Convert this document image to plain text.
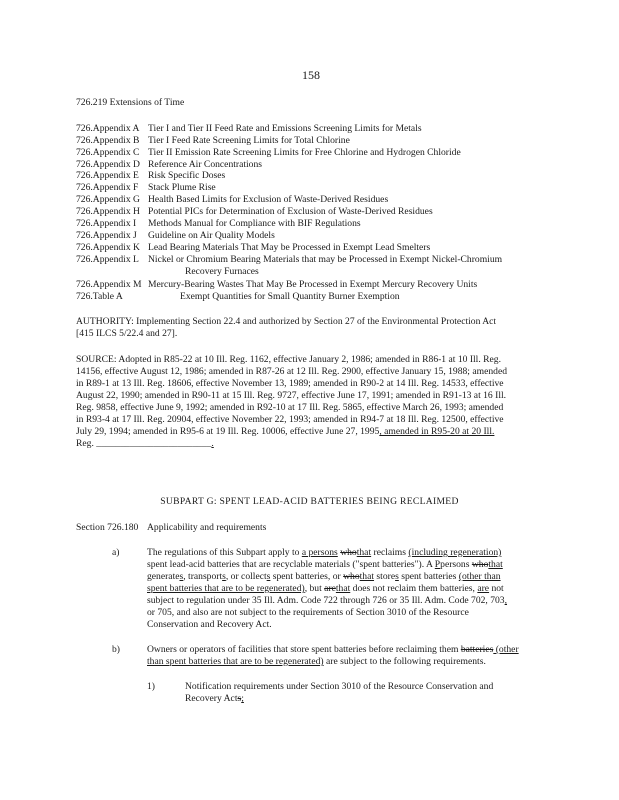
158
726.219 Extensions of Time
726.Appendix A Tier I and Tier II Feed Rate and Emissions Screening Limits for Metals
726.Appendix B Tier I Feed Rate Screening Limits for Total Chlorine
726.Appendix C Tier II Emission Rate Screening Limits for Free Chlorine and Hydrogen Chloride
726.Appendix D Reference Air Concentrations
726.Appendix E Risk Specific Doses
726.Appendix F Stack Plume Rise
726.Appendix G Health Based Limits for Exclusion of Waste-Derived Residues
726.Appendix H Potential PICs for Determination of Exclusion of Waste-Derived Residues
726.Appendix I Methods Manual for Compliance with BIF Regulations
726.Appendix J Guideline on Air Quality Models
726.Appendix K Lead Bearing Materials That May be Processed in Exempt Lead Smelters
726.Appendix L Nickel or Chromium Bearing Materials that may be Processed in Exempt Nickel-Chromium
Recovery Furnaces
726.Appendix M Mercury-Bearing Wastes That May Be Processed in Exempt Mercury Recovery Units
726.Table A	Exempt Quantities for Small Quantity Burner Exemption
AUTHORITY: Implementing Section 22.4 and authorized by Section 27 of the Environmental Protection Act
[415 ILCS 5/22.4 and 27].
SOURCE: Adopted in R85-22 at 10 Ill. Reg. 1162, effective January 2, 1986; amended in R86-1 at 10 Ill. Reg.
14156, effective August 12, 1986; amended in R87-26 at 12 Ill. Reg. 2900, effective January 15, 1988; amended
in R89-1 at 13 Ill. Reg. 18606, effective November 13, 1989; amended in R90-2 at 14 Ill. Reg. 14533, effective
August 22, 1990; amended in R90-11 at 15 Ill. Reg. 9727, effective June 17, 1991; amended in R91-13 at 16 Ill.
Reg. 9858, effective June 9, 1992; amended in R92-10 at 17 Ill. Reg. 5865, effective March 26, 1993; amended
in R93-4 at 17 Ill. Reg. 20904, effective November 22, 1993; amended in R94-7 at 18 Ill. Reg. 12500, effective
July 29, 1994; amended in R95-6 at 19 Ill. Reg. 10006, effective June 27, 1995, amended in R95-20 at 20 Ill.
Reg. ________________________.
SUBPART G: SPENT LEAD-ACID BATTERIES BEING RECLAIMED
Section 726.180 Applicability and requirements
a)	The regulations of this Subpart apply to a persons whothat reclaims (including regeneration)
spent lead-acid batteries that are recyclable materials ("spent batteries"). A Ppersons whothat
generates, transports, or collects spent batteries, or whothat stores spent batteries (other than
spent batteries that are to be regenerated), but arethat does not reclaim them batteries, are not
subject to regulation under 35 Ill. Adm. Code 722 through 726 or 35 Ill. Adm. Code 702, 703,
or 705, and also are not subject to the requirements of Section 3010 of the Resource
Conservation and Recovery Act.
b)	Owners or operators of facilities that store spent batteries before reclaiming them batteries (other
than spent batteries that are to be regenerated) are subject to the following requirements.
1)	Notification requirements under Section 3010 of the Resource Conservation and
Recovery Acts;
